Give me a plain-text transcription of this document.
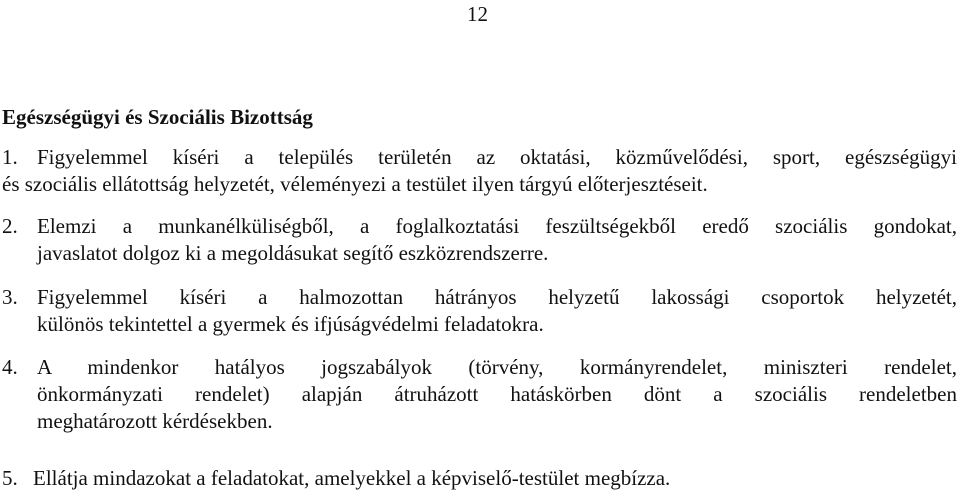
12
Egészségügyi és Szociális Bizottság
1. Figyelemmel kíséri a település területén az oktatási, közművelődési, sport, egészségügyi
és szociális ellátottság helyzetét, véleményezi a testület ilyen tárgyú előterjesztéseit.
2. Elemzi a munkanélküliségből, a foglalkoztatási feszültségekből eredő szociális gondokat,
javaslatot dolgoz ki a megoldásukat segítő eszközrendszerre.
3. Figyelemmel kíséri a halmozottan hátrányos helyzetű lakossági csoportok helyzetét,
különös tekintettel a gyermek és ifjúságvédelmi feladatokra.
4. A mindenkor hatályos jogszabályok (törvény, kormányrendelet, miniszteri rendelet,
önkormányzati rendelet) alapján átruházott hatáskörben dönt a szociális rendeletben
meghatározott kérdésekben.
5. Ellátja mindazokat a feladatokat, amelyekkel a képviselő-testület megbízza.
